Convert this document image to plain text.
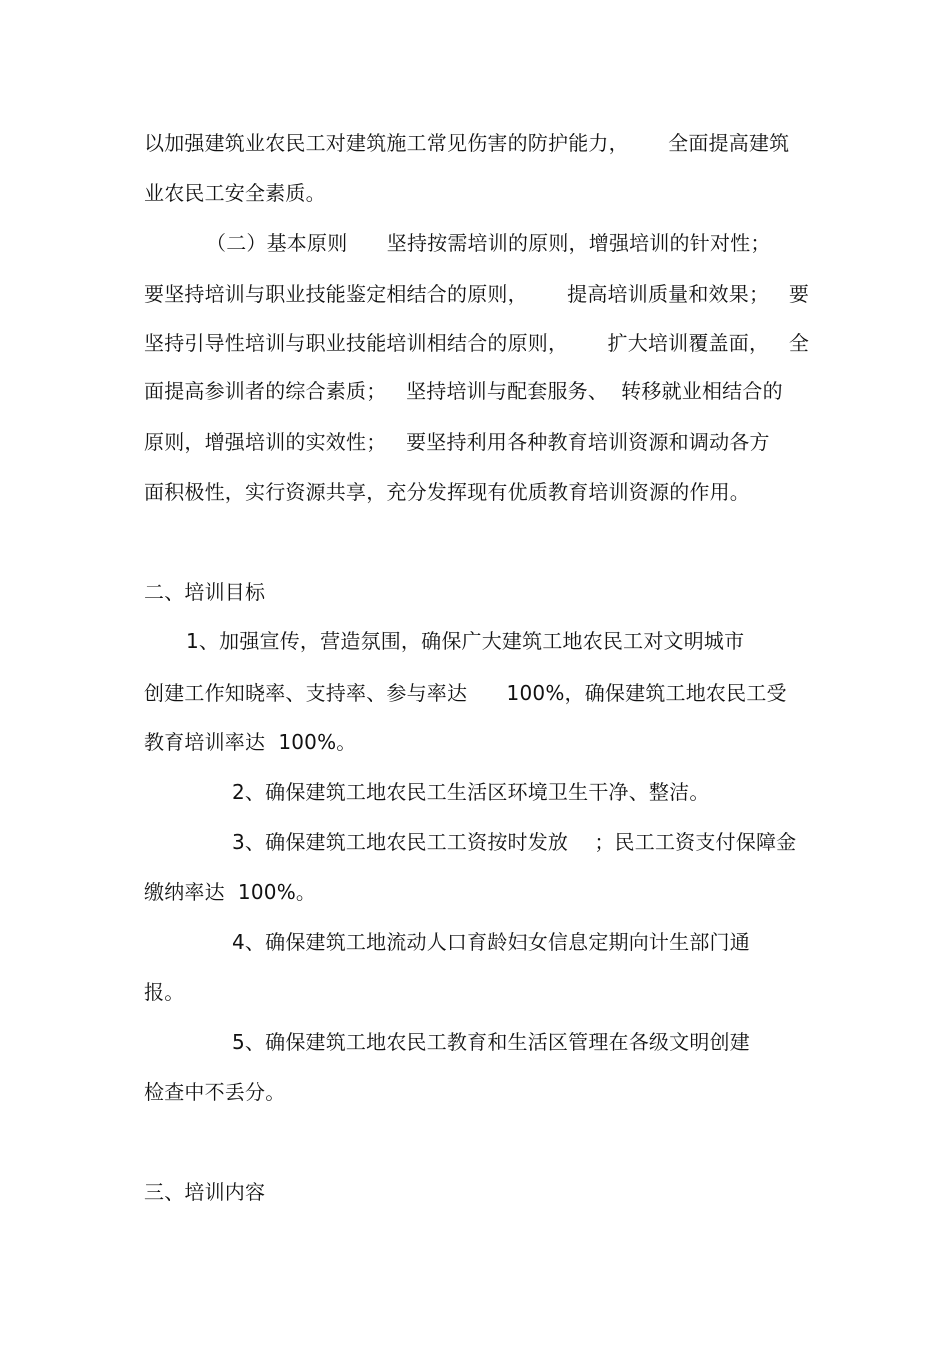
以加强建筑业农民工对建筑施工常见伤害的防护能力，      全面提高建筑

业农民工安全素质。

（二）基本原则      坚持按需培训的原则，增强培训的针对性；

要坚持培训与职业技能鉴定相结合的原则，      提高培训质量和效果；   要

坚持引导性培训与职业技能培训相结合的原则，      扩大培训覆盖面，   全

面提高参训者的综合素质；   坚持培训与配套服务、  转移就业相结合的

原则，增强培训的实效性；   要坚持利用各种教育培训资源和调动各方

面积极性，实行资源共享，充分发挥现有优质教育培训资源的作用。

二、培训目标

1、加强宣传，营造氛围，确保广大建筑工地农民工对文明城市

创建工作知晓率、支持率、参与率达      100%，确保建筑工地农民工受

教育培训率达  100%。

2、确保建筑工地农民工生活区环境卫生干净、整洁。

3、确保建筑工地农民工工资按时发放    ；民工工资支付保障金

缴纳率达  100%。

4、确保建筑工地流动人口育龄妇女信息定期向计生部门通

报。

5、确保建筑工地农民工教育和生活区管理在各级文明创建

检查中不丢分。

三、培训内容
